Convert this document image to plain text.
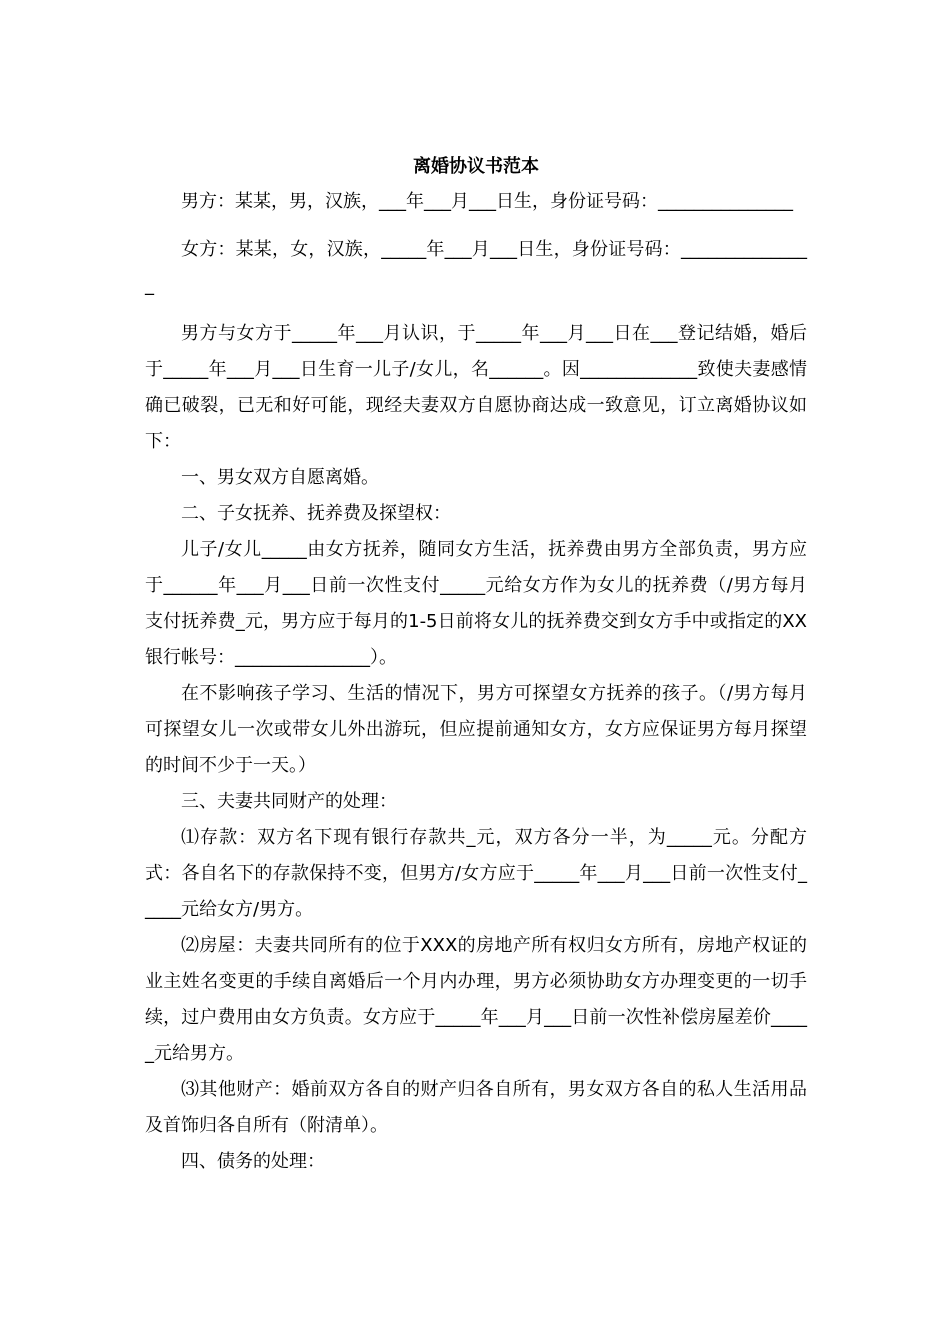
离婚协议书范本

男方：某某，男，汉族，___年___月___日生，身份证号码：_______________

女方：某某，女，汉族，_____年___月___日生，身份证号码：_______________

男方与女方于_____年___月认识，于_____年___月___日在___登记结婚，婚后于_____年___月___日生育一儿子/女儿，名______。因_____________致使夫妻感情确已破裂，已无和好可能，现经夫妻双方自愿协商达成一致意见，订立离婚协议如下：

一、男女双方自愿离婚。

二、子女抚养、抚养费及探望权：

儿子/女儿_____由女方抚养，随同女方生活，抚养费由男方全部负责，男方应于______年___月___日前一次性支付_____元给女方作为女儿的抚养费（/男方每月支付抚养费_元，男方应于每月的1-5日前将女儿的抚养费交到女方手中或指定的XX银行帐号：_______________）。

在不影响孩子学习、生活的情况下，男方可探望女方抚养的孩子。（/男方每月可探望女儿一次或带女儿外出游玩，但应提前通知女方，女方应保证男方每月探望的时间不少于一天。）

三、夫妻共同财产的处理：

⑴存款：双方名下现有银行存款共_元，双方各分一半，为_____元。分配方式：各自名下的存款保持不变，但男方/女方应于_____年___月___日前一次性支付_____元给女方/男方。

⑵房屋：夫妻共同所有的位于XXX的房地产所有权归女方所有，房地产权证的业主姓名变更的手续自离婚后一个月内办理，男方必须协助女方办理变更的一切手续，过户费用由女方负责。女方应于_____年___月___日前一次性补偿房屋差价_____元给男方。

⑶其他财产：婚前双方各自的财产归各自所有，男女双方各自的私人生活用品及首饰归各自所有（附清单）。

四、债务的处理：
